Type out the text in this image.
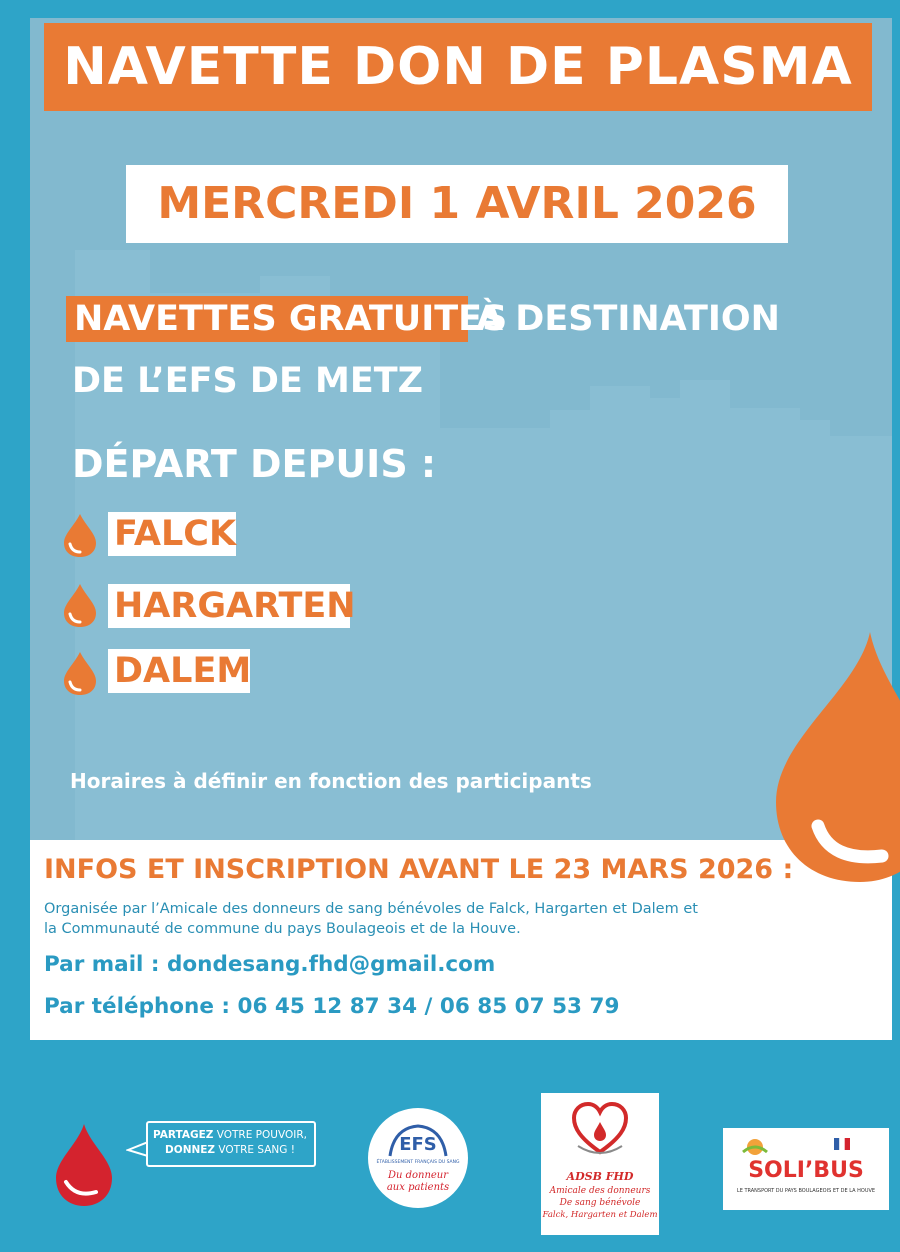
NAVETTE DON DE PLASMA
MERCREDI 1 AVRIL 2026
NAVETTES GRATUITES
À DESTINATION
DE L’EFS DE METZ
DÉPART DEPUIS :
FALCK
HARGARTEN
DALEM
Horaires à définir en fonction des participants
INFOS ET INSCRIPTION AVANT LE 23 MARS 2026 :
Organisée par l’Amicale des donneurs de sang bénévoles de Falck, Hargarten et Dalem et
la Communauté de commune du pays Boulageois et de la Houve.
Par mail : dondesang.fhd@gmail.com
Par téléphone : 06 45 12 87 34 / 06 85 07 53 79
PARTAGEZ VOTRE POUVOIR,
DONNEZ VOTRE SANG !	EFS
ÉTABLISSEMENT FRANÇAIS DU SANG
Du donneur
aux patients
ADSB FHD
Amicale des donneurs
De sang bénévole
Falck, Hargarten et Dalem
SOLI’BUS
LE TRANSPORT DU PAYS BOULAGEOIS ET DE LA HOUVE
